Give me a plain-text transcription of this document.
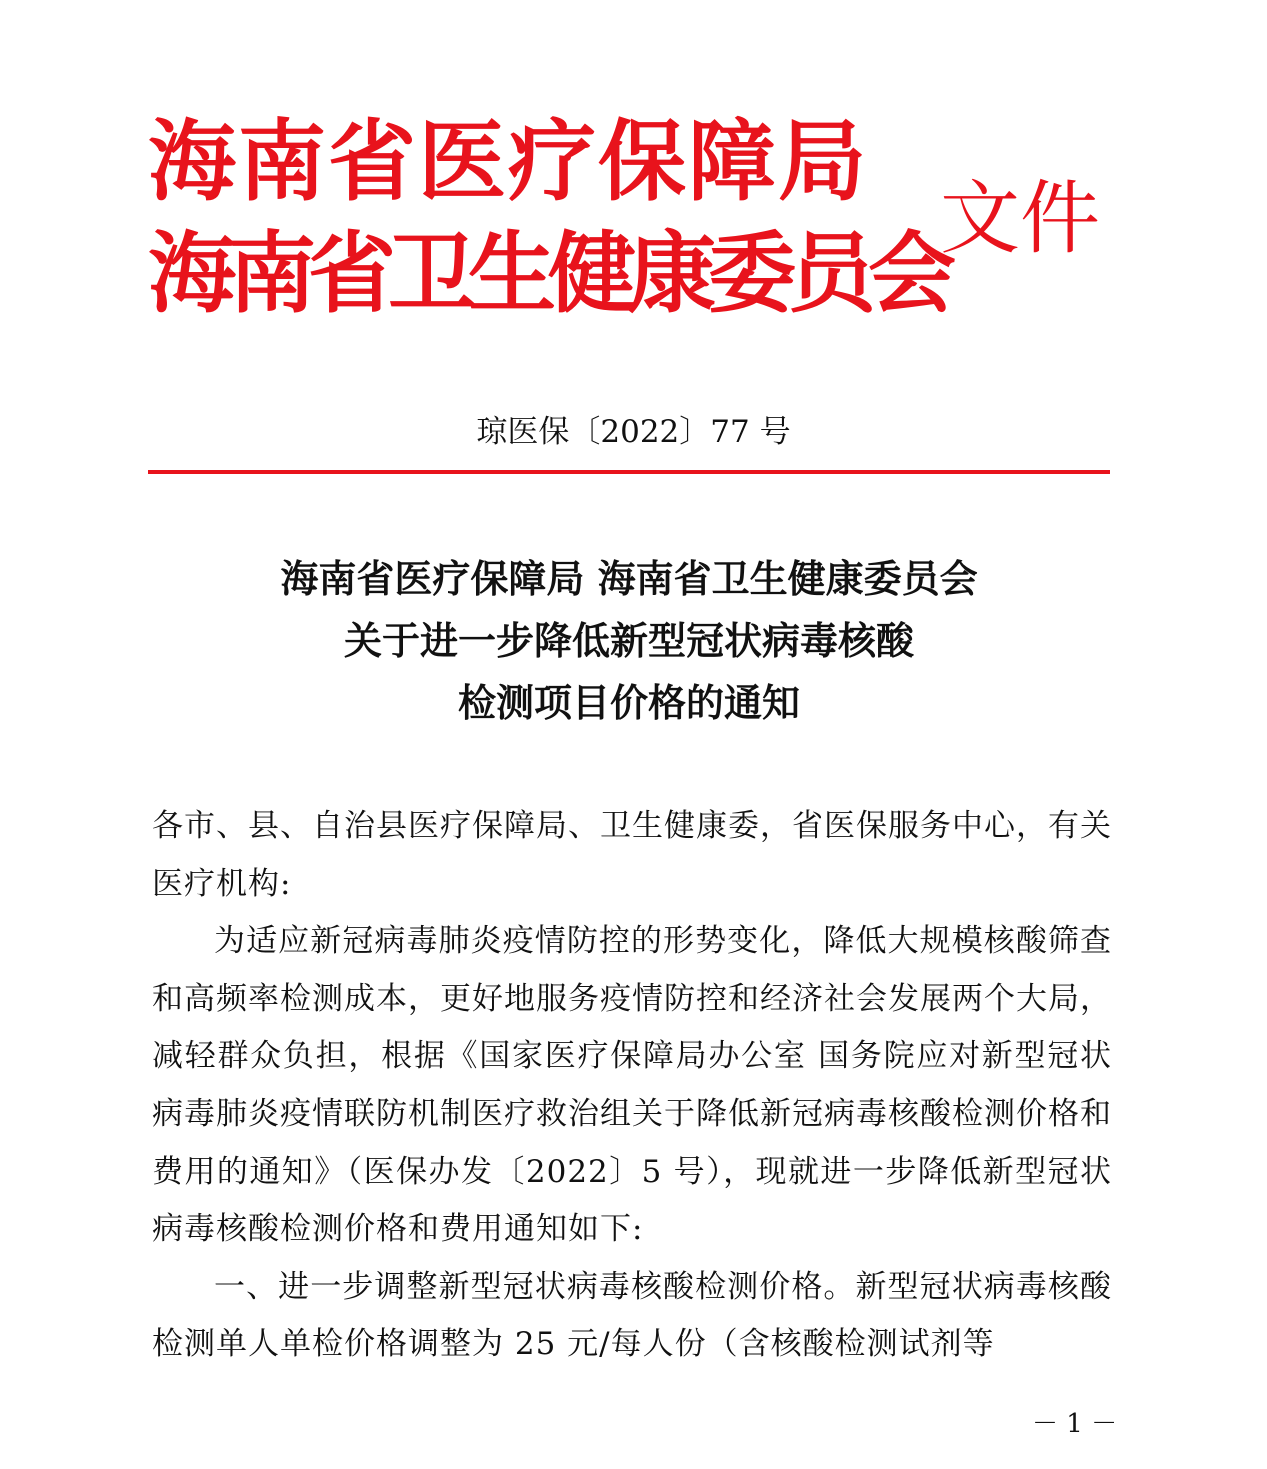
海南省医疗保障局
海南省卫生健康委员会
文件
琼医保〔2022〕77 号
海南省医疗保障局 海南省卫生健康委员会
关于进一步降低新型冠状病毒核酸
检测项目价格的通知

各市、县、自治县医疗保障局、卫生健康委，省医保服务中心，有关医疗机构:

为适应新冠病毒肺炎疫情防控的形势变化，降低大规模核酸筛查和高频率检测成本，更好地服务疫情防控和经济社会发展两个大局，减轻群众负担，根据《国家医疗保障局办公室 国务院应对新型冠状病毒肺炎疫情联防机制医疗救治组关于降低新冠病毒核酸检测价格和费用的通知》（医保办发〔2022〕5 号），现就进一步降低新型冠状病毒核酸检测价格和费用通知如下:

一、进一步调整新型冠状病毒核酸检测价格。新型冠状病毒核酸检测单人单检价格调整为 25 元/每人份（含核酸检测试剂等

－ 1 －
